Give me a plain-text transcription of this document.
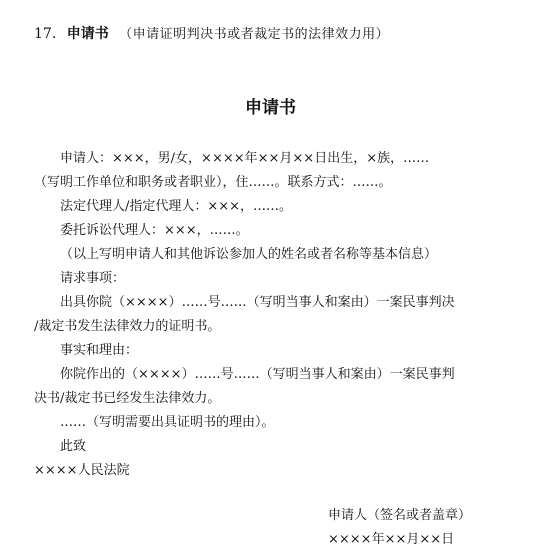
17. 申请书 （申请证明判决书或者裁定书的法律效力用）
申请书
申请人：×××，男/女，××××年××月××日出生，×族，……
（写明工作单位和职务或者职业），住……。联系方式：……。
法定代理人/指定代理人：×××，……。
委托诉讼代理人：×××，……。
（以上写明申请人和其他诉讼参加人的姓名或者名称等基本信息）
请求事项：
出具你院（××××）……号……（写明当事人和案由）一案民事判决
/裁定书发生法律效力的证明书。
事实和理由：
你院作出的（××××）……号……（写明当事人和案由）一案民事判
决书/裁定书已经发生法律效力。
……（写明需要出具证明书的理由）。
此致
××××人民法院
申请人（签名或者盖章）
××××年××月××日
